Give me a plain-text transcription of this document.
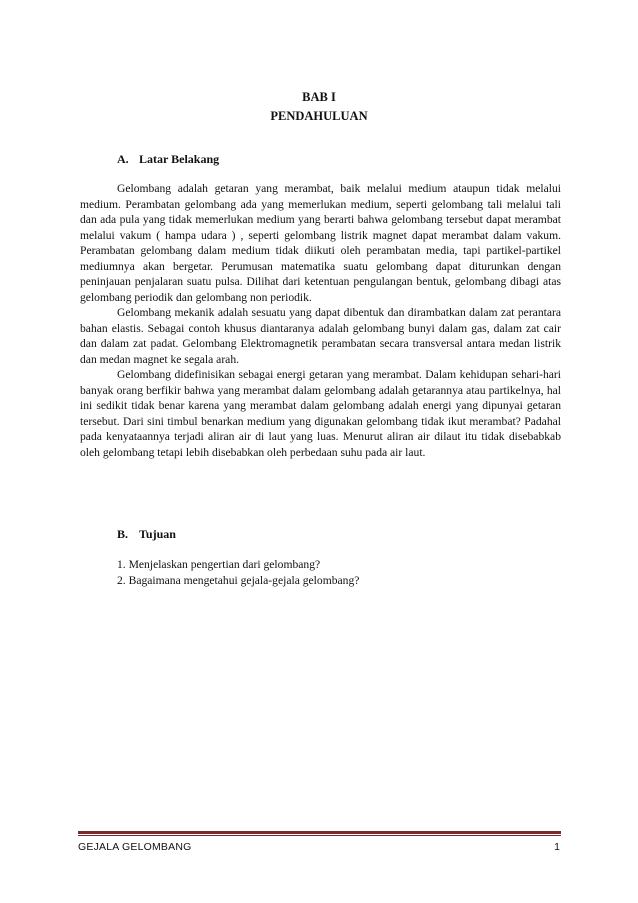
BAB I
PENDAHULUAN
A. Latar Belakang

Gelombang adalah getaran yang merambat, baik melalui medium ataupun tidak melalui medium. Perambatan gelombang ada yang memerlukan medium, seperti gelombang tali melalui tali dan ada pula yang tidak memerlukan medium yang berarti bahwa gelombang tersebut dapat merambat melalui vakum ( hampa udara ) , seperti gelombang listrik magnet dapat merambat dalam vakum. Perambatan gelombang dalam medium tidak diikuti oleh perambatan media, tapi partikel-partikel mediumnya akan bergetar. Perumusan matematika suatu gelombang dapat diturunkan dengan peninjauan penjalaran suatu pulsa. Dilihat dari ketentuan pengulangan bentuk, gelombang dibagi atas gelombang periodik dan gelombang non periodik.

Gelombang mekanik adalah sesuatu yang dapat dibentuk dan dirambatkan dalam zat perantara bahan elastis. Sebagai contoh khusus diantaranya adalah gelombang bunyi dalam gas, dalam zat cair dan dalam zat padat. Gelombang Elektromagnetik perambatan secara transversal antara medan listrik dan medan magnet ke segala arah.

Gelombang didefinisikan sebagai energi getaran yang merambat. Dalam kehidupan sehari-hari banyak orang berfikir bahwa yang merambat dalam gelombang adalah getarannya atau partikelnya, hal ini sedikit tidak benar karena yang merambat dalam gelombang adalah energi yang dipunyai getaran tersebut. Dari sini timbul benarkan medium yang digunakan gelombang tidak ikut merambat? Padahal pada kenyataannya terjadi aliran air di laut yang luas. Menurut aliran air dilaut itu tidak disebabkab oleh gelombang tetapi lebih disebabkan oleh perbedaan suhu pada air laut.

B. Tujuan
1. Menjelaskan pengertian dari gelombang?
2. Bagaimana mengetahui gejala-gejala gelombang?
GEJALA GELOMBANG	1
